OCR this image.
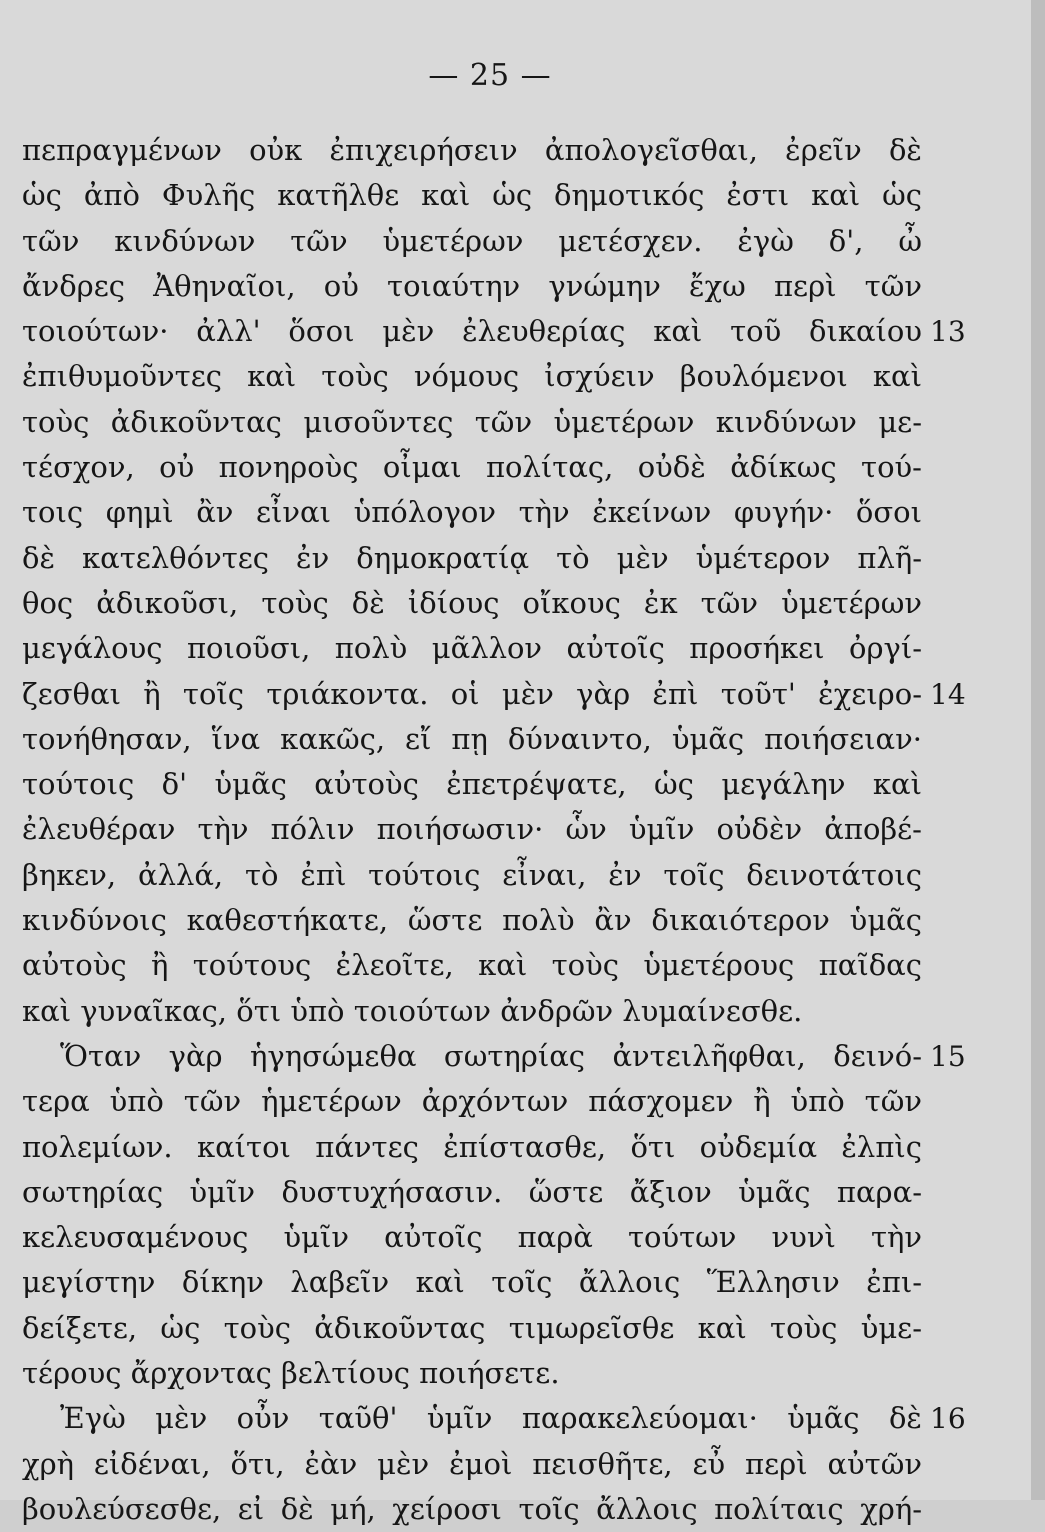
— 25 —
πεπραγμένων οὐκ ἐπιχειρήσειν ἀπολογεῖσθαι, ἐρεῖν δὲ
ὡς ἀπὸ Φυλῆς κατῆλθε καὶ ὡς δημοτικός ἐστι καὶ ὡς
τῶν κινδύνων τῶν ὑμετέρων μετέσχεν. ἐγὼ δ', ὦ
ἄνδρες Ἀθηναῖοι, οὐ τοιαύτην γνώμην ἔχω περὶ τῶν
τοιούτων· ἀλλ' ὅσοι μὲν ἐλευθερίας καὶ τοῦ δικαίου 13
ἐπιθυμοῦντες καὶ τοὺς νόμους ἰσχύειν βουλόμενοι καὶ
τοὺς ἀδικοῦντας μισοῦντες τῶν ὑμετέρων κινδύνων με-
τέσχον, οὐ πονηροὺς οἶμαι πολίτας, οὐδὲ ἀδίκως τού-
τοις φημὶ ἂν εἶναι ὑπόλογον τὴν ἐκείνων φυγήν· ὅσοι
δὲ κατελθόντες ἐν δημοκρατίᾳ τὸ μὲν ὑμέτερον πλῆ-
θος ἀδικοῦσι, τοὺς δὲ ἰδίους οἴκους ἐκ τῶν ὑμετέρων
μεγάλους ποιοῦσι, πολὺ μᾶλλον αὐτοῖς προσήκει ὀργί-
ζεσθαι ἢ τοῖς τριάκοντα. οἱ μὲν γὰρ ἐπὶ τοῦτ' ἐχειρο- 14
τονήθησαν, ἵνα κακῶς, εἴ πῃ δύναιντο, ὑμᾶς ποιήσειαν·
τούτοις δ' ὑμᾶς αὐτοὺς ἐπετρέψατε, ὡς μεγάλην καὶ
ἐλευθέραν τὴν πόλιν ποιήσωσιν· ὧν ὑμῖν οὐδὲν ἀποβέ-
βηκεν, ἀλλά, τὸ ἐπὶ τούτοις εἶναι, ἐν τοῖς δεινοτάτοις
κινδύνοις καθεστήκατε, ὥστε πολὺ ἂν δικαιότερον ὑμᾶς
αὐτοὺς ἢ τούτους ἐλεοῖτε, καὶ τοὺς ὑμετέρους παῖδας
καὶ γυναῖκας, ὅτι ὑπὸ τοιούτων ἀνδρῶν λυμαίνεσθε.
Ὅταν γὰρ ἡγησώμεθα σωτηρίας ἀντειλῆφθαι, δεινό- 15
τερα ὑπὸ τῶν ἡμετέρων ἀρχόντων πάσχομεν ἢ ὑπὸ τῶν
πολεμίων. καίτοι πάντες ἐπίστασθε, ὅτι οὐδεμία ἐλπὶς
σωτηρίας ὑμῖν δυστυχήσασιν. ὥστε ἄξιον ὑμᾶς παρα-
κελευσαμένους ὑμῖν αὐτοῖς παρὰ τούτων νυνὶ τὴν
μεγίστην δίκην λαβεῖν καὶ τοῖς ἄλλοις Ἕλλησιν ἐπι-
δείξετε, ὡς τοὺς ἀδικοῦντας τιμωρεῖσθε καὶ τοὺς ὑμε-
τέρους ἄρχοντας βελτίους ποιήσετε.
Ἐγὼ μὲν οὖν ταῦθ' ὑμῖν παρακελεύομαι· ὑμᾶς δὲ 16
χρὴ εἰδέναι, ὅτι, ἐὰν μὲν ἐμοὶ πεισθῆτε, εὖ περὶ αὐτῶν
βουλεύσεσθε, εἰ δὲ μή, χείροσι τοῖς ἄλλοις πολίταις χρή-
